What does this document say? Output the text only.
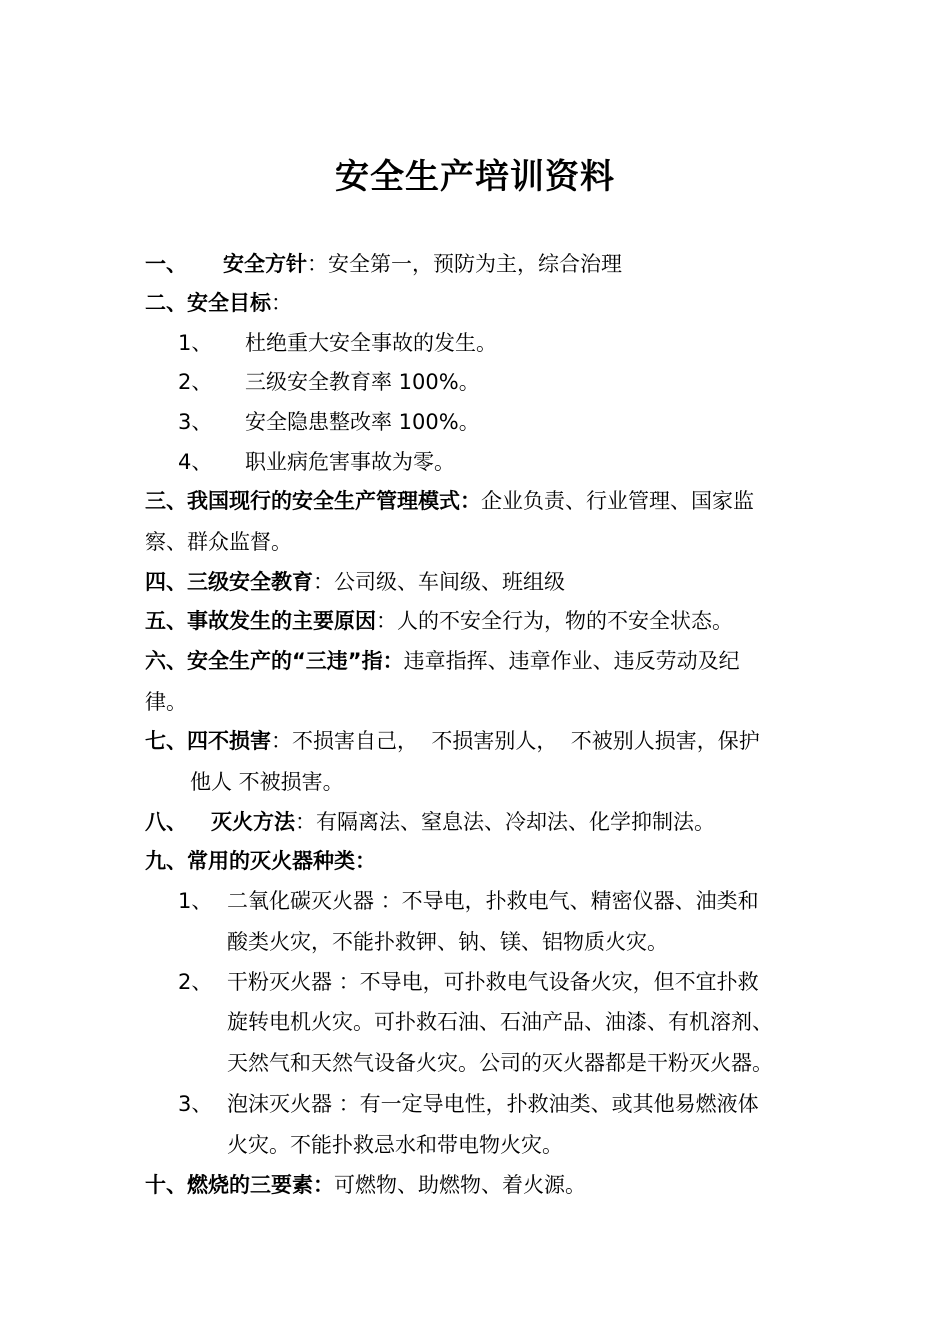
安全生产培训资料
一、 安全方针：安全第一，预防为主，综合治理
二、安全目标：
1、 杜绝重大安全事故的发生。
2、 三级安全教育率 100%。
3、 安全隐患整改率 100%。
4、 职业病危害事故为零。
三、我国现行的安全生产管理模式：企业负责、行业管理、国家监
察、群众监督。
四、三级安全教育：公司级、车间级、班组级
五、事故发生的主要原因：人的不安全行为，物的不安全状态。
六、安全生产的“三违”指：违章指挥、违章作业、违反劳动及纪
律。
七、四不损害：不损害自己，  不损害别人，  不被别人损害，保护
他人 不被损害。
八、 灭火方法：有隔离法、窒息法、冷却法、化学抑制法。
九、常用的灭火器种类：
1、 二氧化碳灭火器 ：不导电，扑救电气、精密仪器、油类和
酸类火灾，不能扑救钾、钠、镁、铝物质火灾。
2、 干粉灭火器 ：不导电，可扑救电气设备火灾，但不宜扑救
旋转电机火灾。可扑救石油、石油产品、油漆、有机溶剂、
天然气和天然气设备火灾。公司的灭火器都是干粉灭火器。
3、 泡沫灭火器 ：有一定导电性，扑救油类、或其他易燃液体
火灾。不能扑救忌水和带电物火灾。
十、燃烧的三要素：可燃物、助燃物、着火源。
